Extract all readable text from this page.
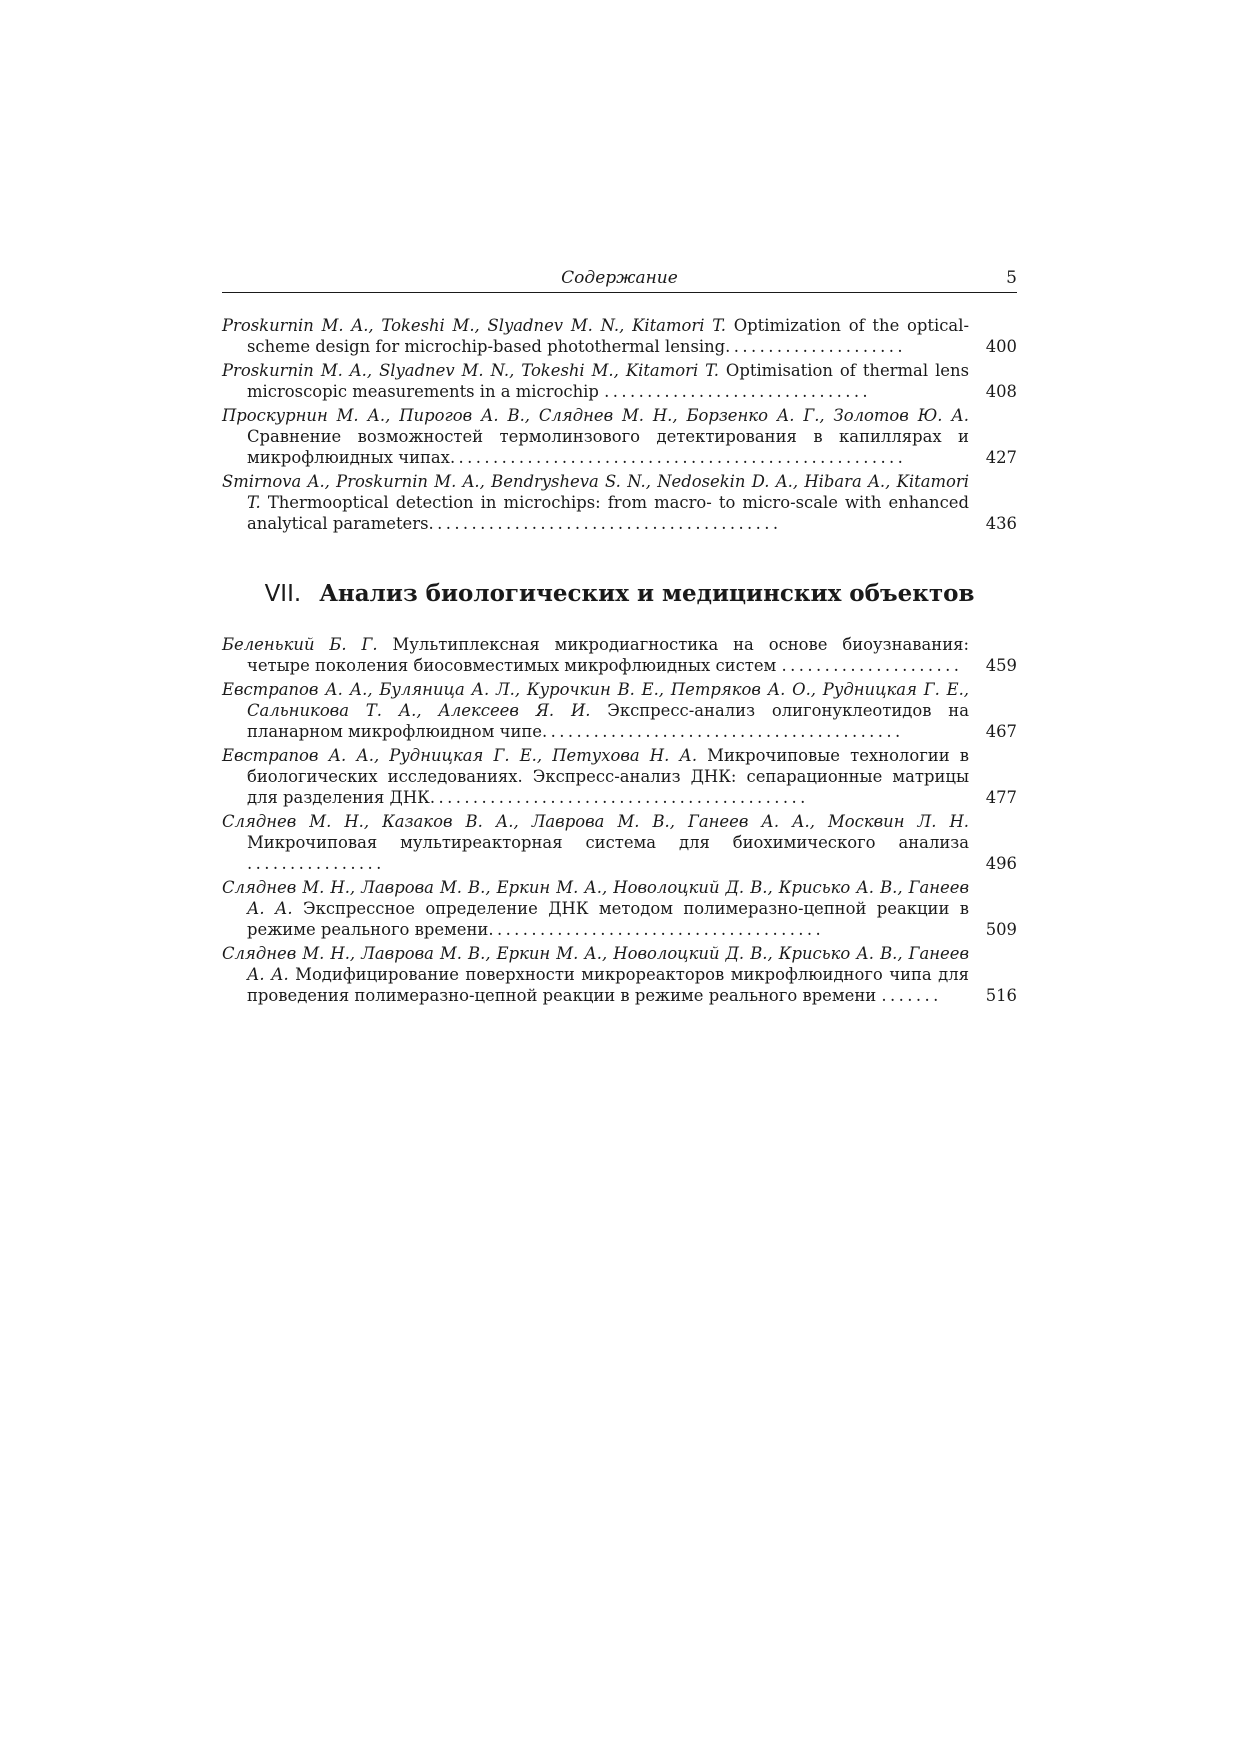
Содержание	5
Proskurnin M. A., Tokeshi M., Slyadnev M. N., Kitamori T. Optimization of the optical-scheme design for microchip-based photothermal lensing.....................	400
Proskurnin M. A., Slyadnev M. N., Tokeshi M., Kitamori T. Optimisation of thermal lens microscopic measurements in a microchip ...............................	408
Проскурнин М. А., Пирогов А. В., Сляднев М. Н., Борзенко А. Г., Золотов Ю. А. Сравнение возможностей термолинзового детектирования в капиллярах и микрофлюидных чипах.....................................................	427
Smirnova A., Proskurnin M. A., Bendrysheva S. N., Nedosekin D. A., Hibara A., Kitamori T. Thermooptical detection in microchips: from macro- to micro-scale with enhanced analytical parameters.........................................	436
VII. Анализ биологических и медицинских объектов
Беленький Б. Г. Мультиплексная микродиагностика на основе биоузнавания: четыре поколения биосовместимых микрофлюидных систем .....................	459
Евстрапов А. А., Буляница А. Л., Курочкин В. Е., Петряков А. О., Рудницкая Г. Е., Сальникова Т. А., Алексеев Я. И. Экспресс-анализ олигонуклеотидов на планарном микрофлюидном чипе..........................................	467
Евстрапов А. А., Рудницкая Г. Е., Петухова Н. А. Микрочиповые технологии в биологических исследованиях. Экспресс-анализ ДНК: сепарационные матрицы для разделения ДНК............................................	477
Сляднев М. Н., Казаков В. А., Лаврова М. В., Ганеев А. А., Москвин Л. Н. Микрочиповая мультиреакторная система для биохимического анализа ................	496
Сляднев М. Н., Лаврова М. В., Еркин М. А., Новолоцкий Д. В., Крисько А. В., Ганеев А. А. Экспрессное определение ДНК методом полимеразно-цепной реакции в режиме реального времени.......................................	509
Сляднев М. Н., Лаврова М. В., Еркин М. А., Новолоцкий Д. В., Крисько А. В., Ганеев А. А. Модифицирование поверхности микрореакторов микрофлюидного чипа для проведения полимеразно-цепной реакции в режиме реального времени .......	516
